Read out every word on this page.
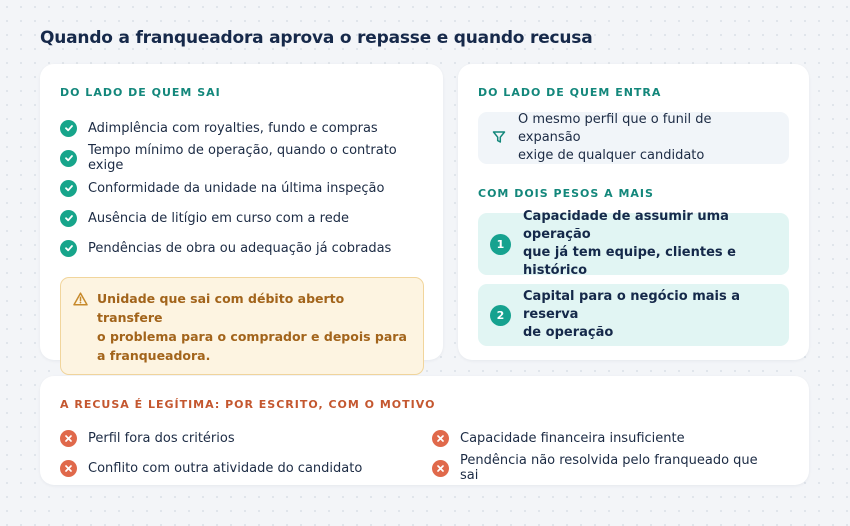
Quando a franqueadora aprova o repasse e quando recusa
DO LADO DE QUEM SAI
Adimplência com royalties, fundo e compras
Tempo mínimo de operação, quando o contrato exige
Conformidade da unidade na última inspeção
Ausência de litígio em curso com a rede
Pendências de obra ou adequação já cobradas
Unidade que sai com débito aberto transfere
o problema para o comprador e depois para
a franqueadora.
DO LADO DE QUEM ENTRA
O mesmo perfil que o funil de expansão
exige de qualquer candidato
COM DOIS PESOS A MAIS
1
Capacidade de assumir uma operação
que já tem equipe, clientes e histórico
2
Capital para o negócio mais a reserva
de operação
A RECUSA É LEGÍTIMA: POR ESCRITO, COM O MOTIVO
Perfil fora dos critérios	Capacidade financeira insuficiente
Conflito com outra atividade do candidato	Pendência não resolvida pelo franqueado que sai
